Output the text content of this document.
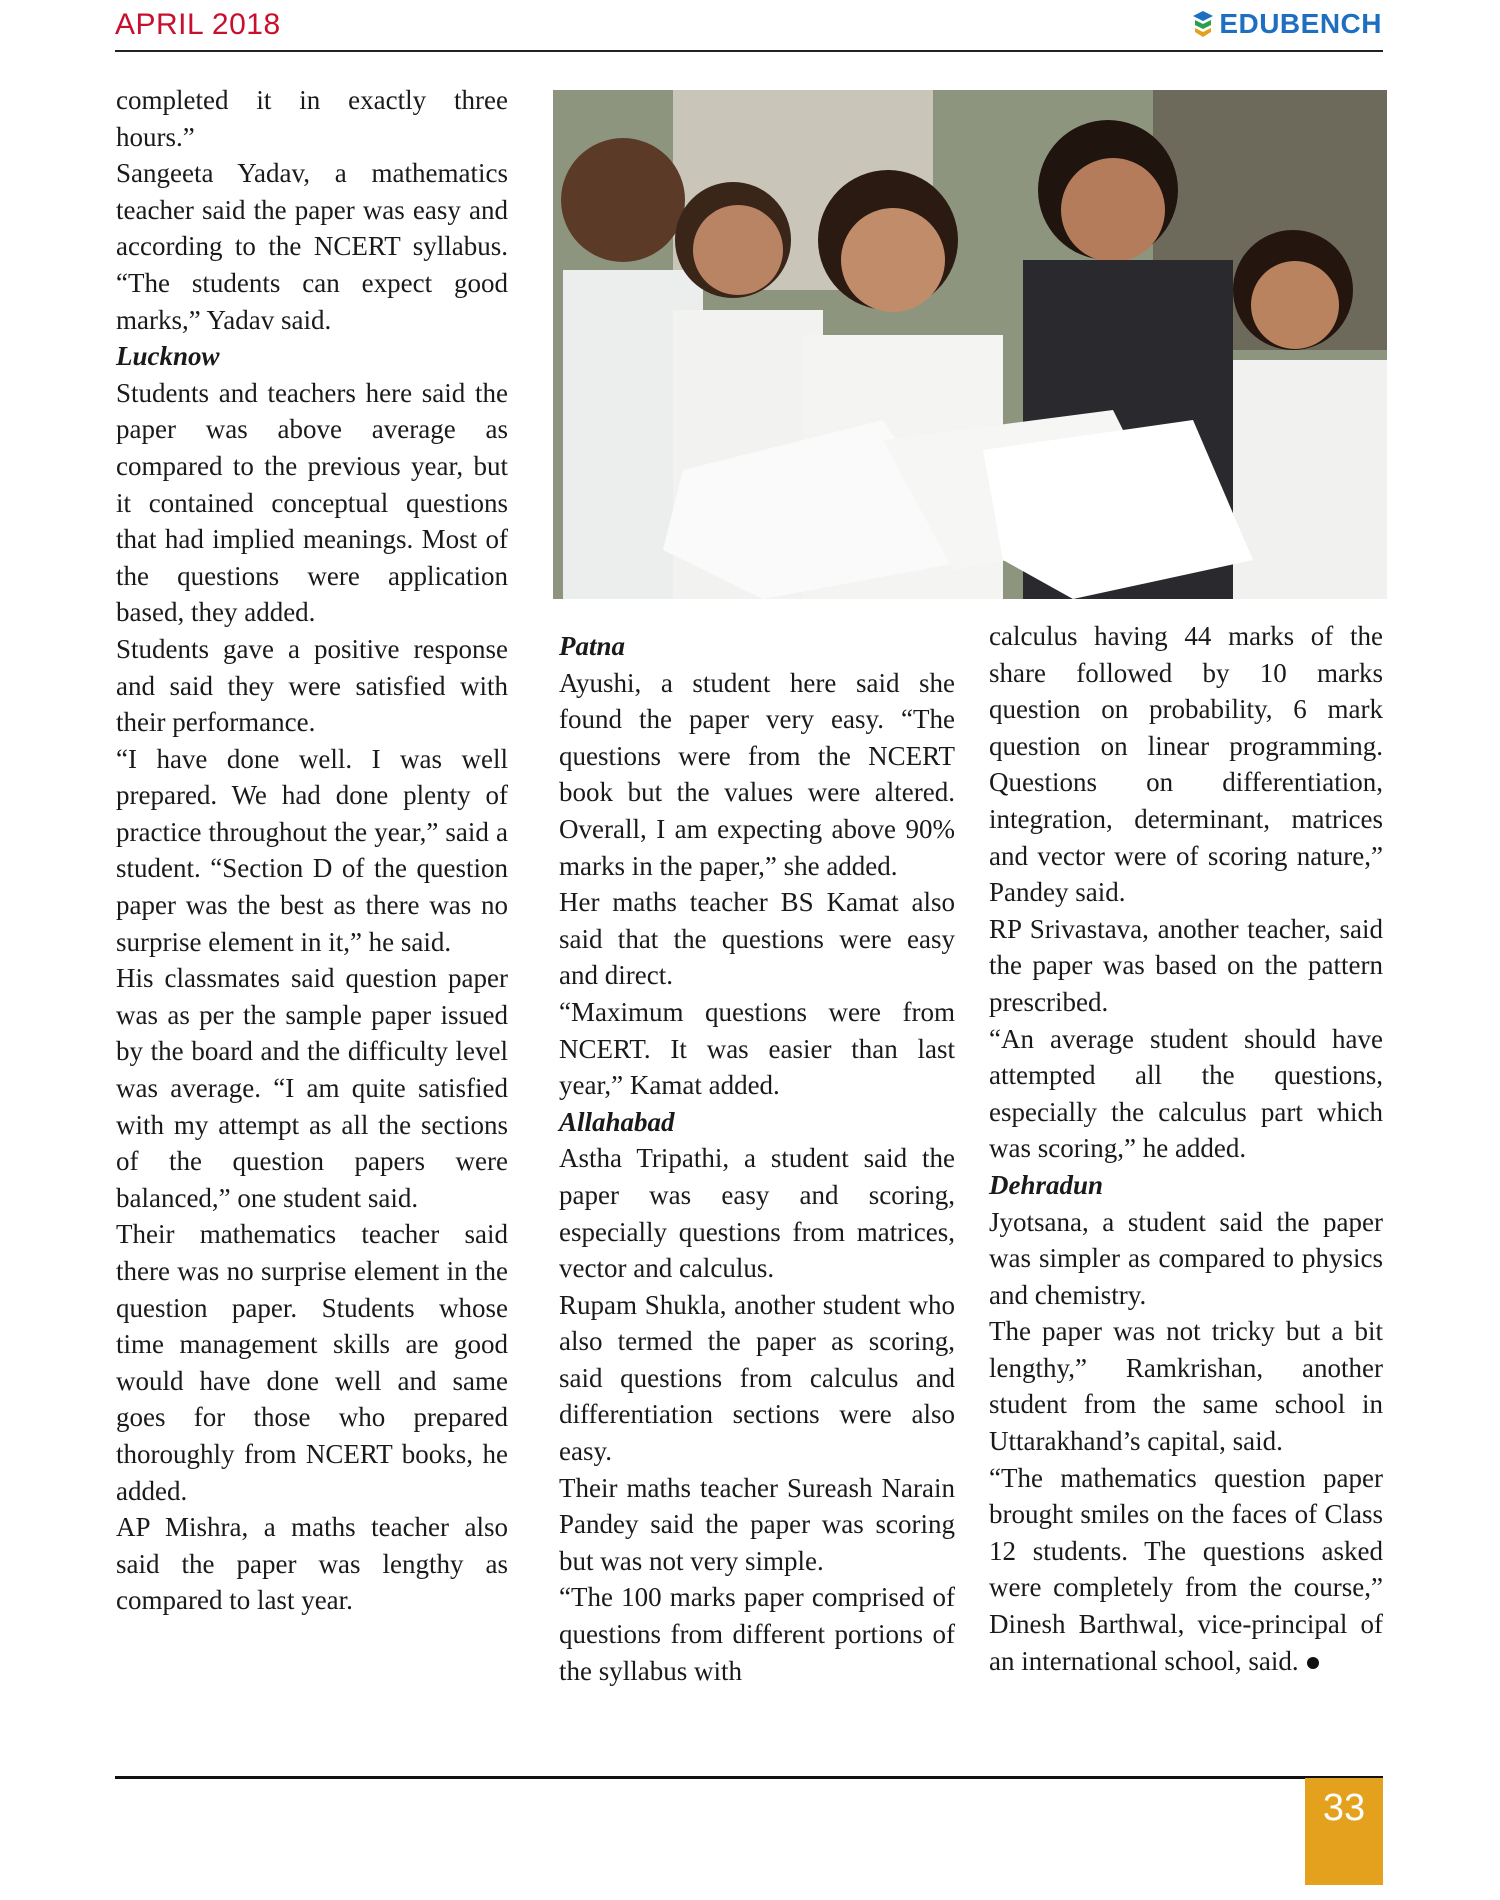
APRIL 2018	EDUBENCH

completed it in exactly three hours.”

Sangeeta Yadav, a mathematics teacher said the paper was easy and according to the NCERT syllabus. “The students can expect good marks,” Yadav said.

Lucknow

Students and teachers here said the paper was above average as compared to the previous year, but it contained conceptual questions that had implied meanings. Most of the questions were application based, they added.

Students gave a positive response and said they were satisfied with their performance.

“I have done well. I was well prepared. We had done plenty of practice throughout the year,” said a student. “Section D of the question paper was the best as there was no surprise element in it,” he said.

His classmates said question paper was as per the sample paper issued by the board and the difficulty level was average. “I am quite satisfied with my attempt as all the sections of the question papers were balanced,” one student said.

Their mathematics teacher said there was no surprise element in the question paper. Students whose time management skills are good would have done well and same goes for those who prepared thoroughly from NCERT books, he added.

AP Mishra, a maths teacher also said the paper was lengthy as compared to last year.

Patna

Ayushi, a student here said she found the paper very easy. “The questions were from the NCERT book but the values were altered. Overall, I am expecting above 90% marks in the paper,” she added.

Her maths teacher BS Kamat also said that the questions were easy and direct.

“Maximum questions were from NCERT. It was easier than last year,” Kamat added.

Allahabad

Astha Tripathi, a student said the paper was easy and scoring, especially questions from matrices, vector and calculus.

Rupam Shukla, another student who also termed the paper as scoring, said questions from calculus and differentiation sections were also easy.

Their maths teacher Sureash Narain Pandey said the paper was scoring but was not very simple.

“The 100 marks paper comprised of questions from different portions of the syllabus with

calculus having 44 marks of the share followed by 10 marks question on probability, 6 mark question on linear programming. Questions on differentiation, integration, determinant, matrices and vector were of scoring nature,” Pandey said.

RP Srivastava, another teacher, said the paper was based on the pattern prescribed.

“An average student should have attempted all the questions, especially the calculus part which was scoring,” he added.

Dehradun

Jyotsana, a student said the paper was simpler as compared to physics and chemistry.

The paper was not tricky but a bit lengthy,” Ramkrishan, another student from the same school in Uttarakhand’s capital, said.

“The mathematics question paper brought smiles on the faces of Class 12 students. The questions asked were completely from the course,” Dinesh Barthwal, vice-principal of an international school, said.

33
